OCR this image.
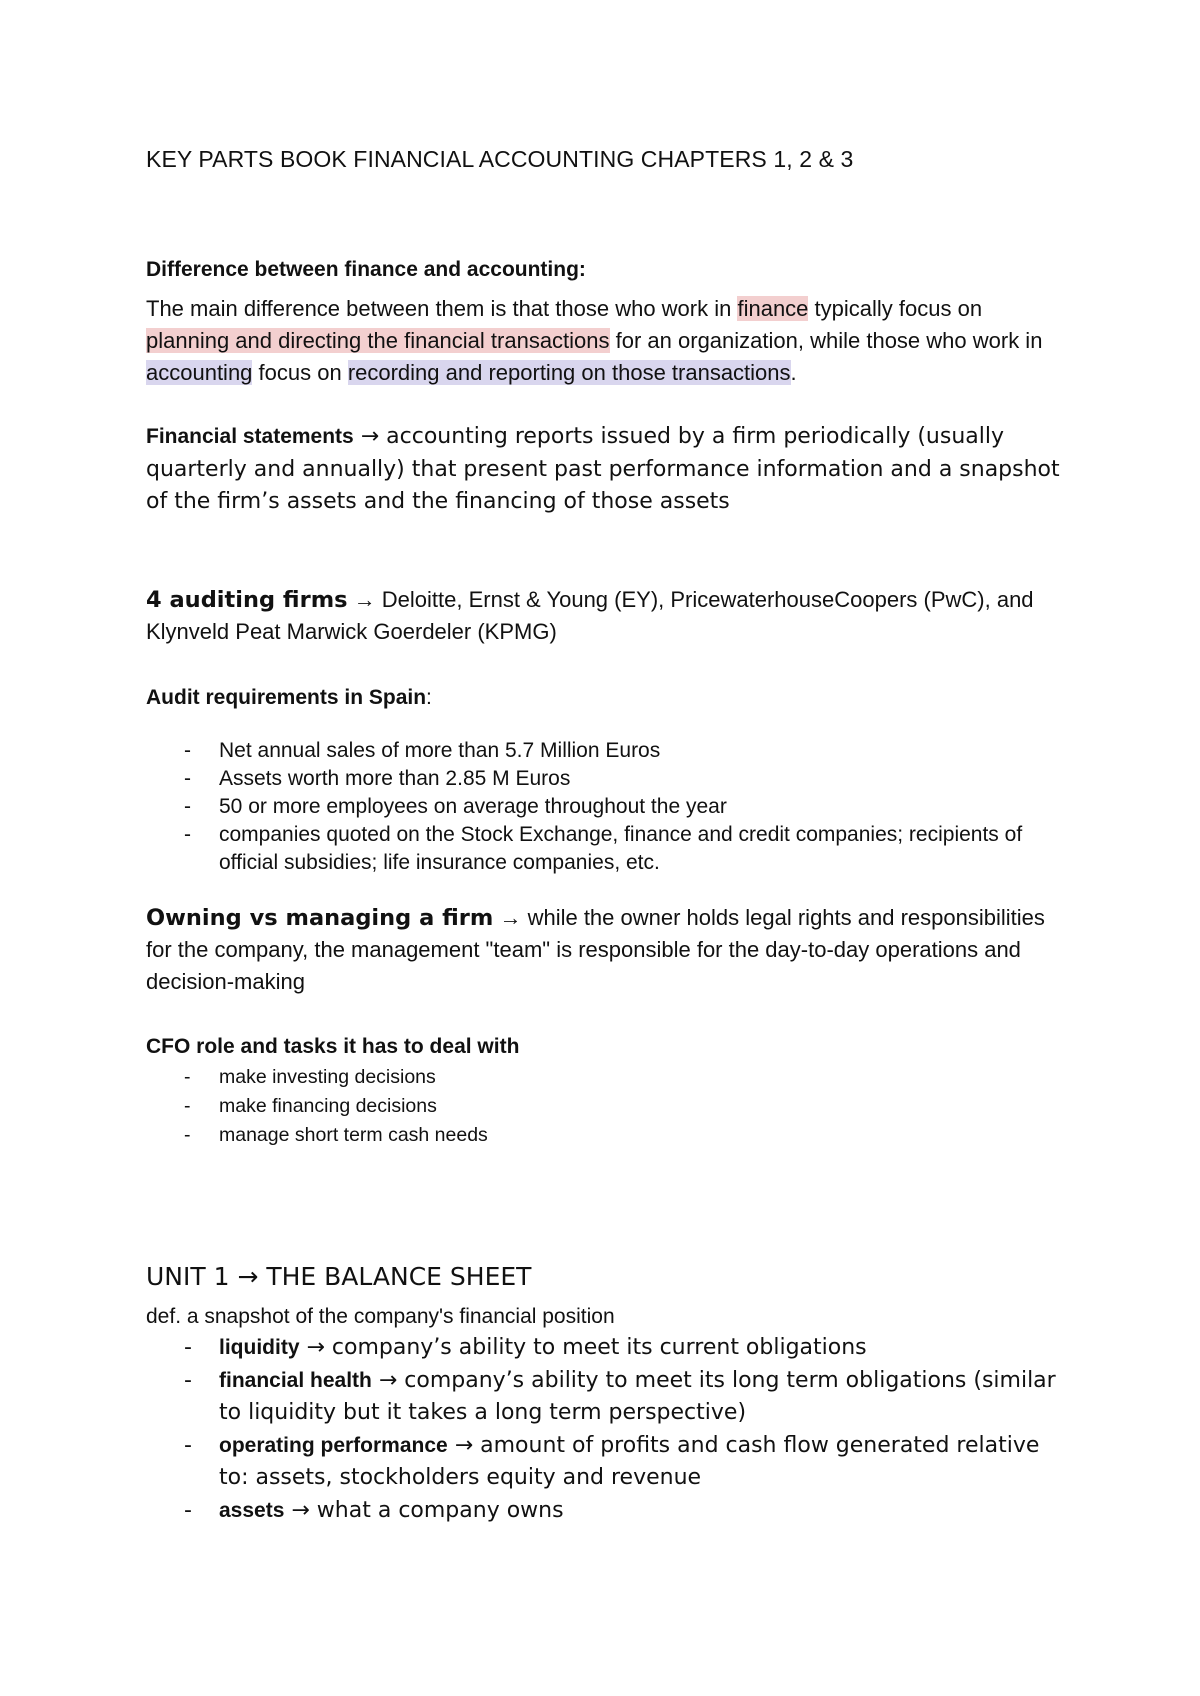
KEY PARTS BOOK FINANCIAL ACCOUNTING CHAPTERS 1, 2 & 3
Difference between finance and accounting:

The main difference between them is that those who work in finance typically focus on planning and directing the financial transactions for an organization, while those who work in accounting focus on recording and reporting on those transactions.

Financial statements → accounting reports issued by a firm periodically (usually quarterly and annually) that present past performance information and a snapshot of the firm’s assets and the financing of those assets

4 auditing firms → Deloitte, Ernst & Young (EY), PricewaterhouseCoopers (PwC), and Klynveld Peat Marwick Goerdeler (KPMG)

Audit requirements in Spain:
- Net annual sales of more than 5.7 Million Euros
- Assets worth more than 2.85 M Euros
- 50 or more employees on average throughout the year
- companies quoted on the Stock Exchange, finance and credit companies; recipients of official subsidies; life insurance companies, etc.

Owning vs managing a firm → while the owner holds legal rights and responsibilities for the company, the management "team" is responsible for the day-to-day operations and decision-making

CFO role and tasks it has to deal with
- make investing decisions
- make financing decisions
- manage short term cash needs
UNIT 1 → THE BALANCE SHEET
def. a snapshot of the company's financial position
- liquidity → company’s ability to meet its current obligations
- financial health → company’s ability to meet its long term obligations (similar to liquidity but it takes a long term perspective)
- operating performance → amount of profits and cash flow generated relative to: assets, stockholders equity and revenue
- assets → what a company owns
